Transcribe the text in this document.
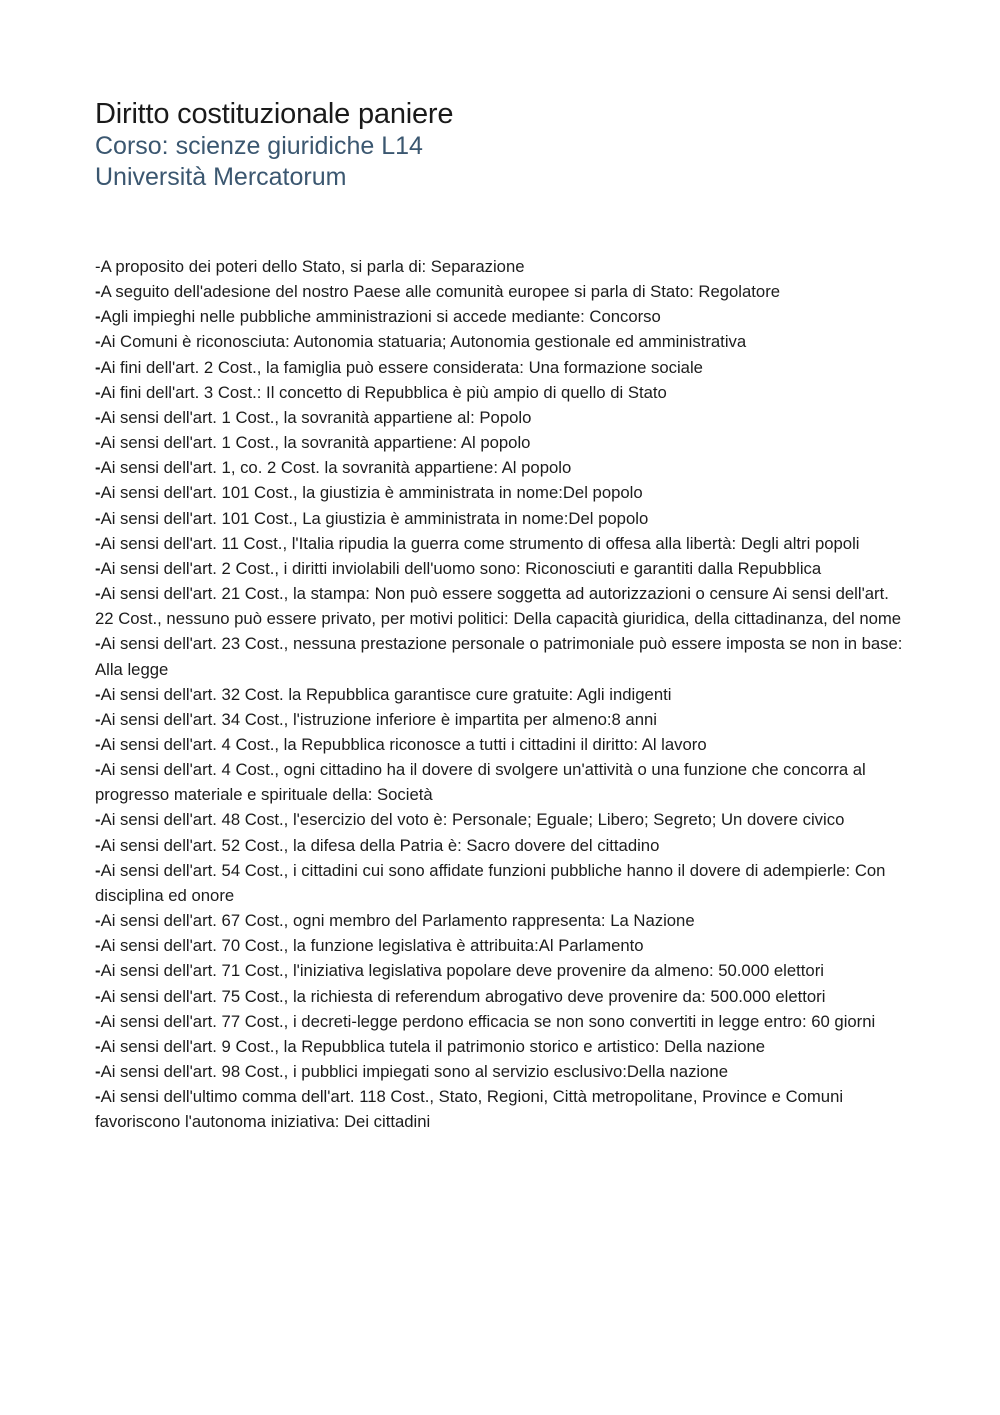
Diritto costituzionale paniere

Corso: scienze giuridiche L14

Università Mercatorum

-A proposito dei poteri dello Stato, si parla di: Separazione
-A seguito dell'adesione del nostro Paese alle comunità europee si parla di Stato: Regolatore
-Agli impieghi nelle pubbliche amministrazioni si accede mediante: Concorso
-Ai Comuni è riconosciuta: Autonomia statuaria; Autonomia gestionale ed amministrativa
-Ai fini dell'art. 2 Cost., la famiglia può essere considerata: Una formazione sociale
-Ai fini dell'art. 3 Cost.: Il concetto di Repubblica è più ampio di quello di Stato
-Ai sensi dell'art. 1 Cost., la sovranità appartiene al: Popolo
-Ai sensi dell'art. 1 Cost., la sovranità appartiene: Al popolo
-Ai sensi dell'art. 1, co. 2 Cost. la sovranità appartiene: Al popolo
-Ai sensi dell'art. 101 Cost., la giustizia è amministrata in nome:Del popolo
-Ai sensi dell'art. 101 Cost., La giustizia è amministrata in nome:Del popolo
-Ai sensi dell'art. 11 Cost., l'Italia ripudia la guerra come strumento di offesa alla libertà: Degli altri popoli
-Ai sensi dell'art. 2 Cost., i diritti inviolabili dell'uomo sono: Riconosciuti e garantiti dalla Repubblica
-Ai sensi dell'art. 21 Cost., la stampa: Non può essere soggetta ad autorizzazioni o censure Ai sensi dell'art. 22 Cost., nessuno può essere privato, per motivi politici: Della capacità giuridica, della cittadinanza, del nome
-Ai sensi dell'art. 23 Cost., nessuna prestazione personale o patrimoniale può essere imposta se non in base: Alla legge
-Ai sensi dell'art. 32 Cost. la Repubblica garantisce cure gratuite: Agli indigenti
-Ai sensi dell'art. 34 Cost., l'istruzione inferiore è impartita per almeno:8 anni
-Ai sensi dell'art. 4 Cost., la Repubblica riconosce a tutti i cittadini il diritto: Al lavoro
-Ai sensi dell'art. 4 Cost., ogni cittadino ha il dovere di svolgere un'attività o una funzione che concorra al progresso materiale e spirituale della: Società
-Ai sensi dell'art. 48 Cost., l'esercizio del voto è: Personale; Eguale; Libero; Segreto; Un dovere civico
-Ai sensi dell'art. 52 Cost., la difesa della Patria è: Sacro dovere del cittadino
-Ai sensi dell'art. 54 Cost., i cittadini cui sono affidate funzioni pubbliche hanno il dovere di adempierle: Con disciplina ed onore
-Ai sensi dell'art. 67 Cost., ogni membro del Parlamento rappresenta: La Nazione
-Ai sensi dell'art. 70 Cost., la funzione legislativa è attribuita:Al Parlamento
-Ai sensi dell'art. 71 Cost., l'iniziativa legislativa popolare deve provenire da almeno: 50.000 elettori
-Ai sensi dell'art. 75 Cost., la richiesta di referendum abrogativo deve provenire da: 500.000 elettori
-Ai sensi dell'art. 77 Cost., i decreti-legge perdono efficacia se non sono convertiti in legge entro: 60 giorni
-Ai sensi dell'art. 9 Cost., la Repubblica tutela il patrimonio storico e artistico: Della nazione
-Ai sensi dell'art. 98 Cost., i pubblici impiegati sono al servizio esclusivo:Della nazione
-Ai sensi dell'ultimo comma dell'art. 118 Cost., Stato, Regioni, Città metropolitane, Province e Comuni favoriscono l'autonoma iniziativa: Dei cittadini
